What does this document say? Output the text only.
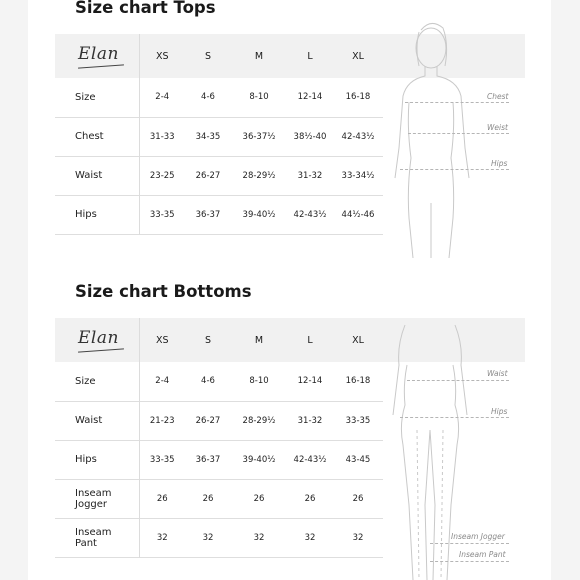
Size chart Tops
Elan
		XS	S	M	L	XL
Size	2-4	4-6	8-10	12-14	16-18
Chest	31-33	34-35	36-37½	38½-40	42-43½
Waist	23-25	26-27	28-29½	31-32	33-34½
Hips	33-35	36-37	39-40½	42-43½	44½-46
Chest
Weist
Hips
Size chart Bottoms
Elan
		XS	S	M	L	XL
Size	2-4	4-6	8-10	12-14	16-18
Waist	21-23	26-27	28-29½	31-32	33-35
Hips	33-35	36-37	39-40½	42-43½	43-45
Inseam
Jogger	26	26	26	26	26
Inseam
Pant	32	32	32	32	32
Waist
Hips
Inseam Jogger
Inseam Pant
